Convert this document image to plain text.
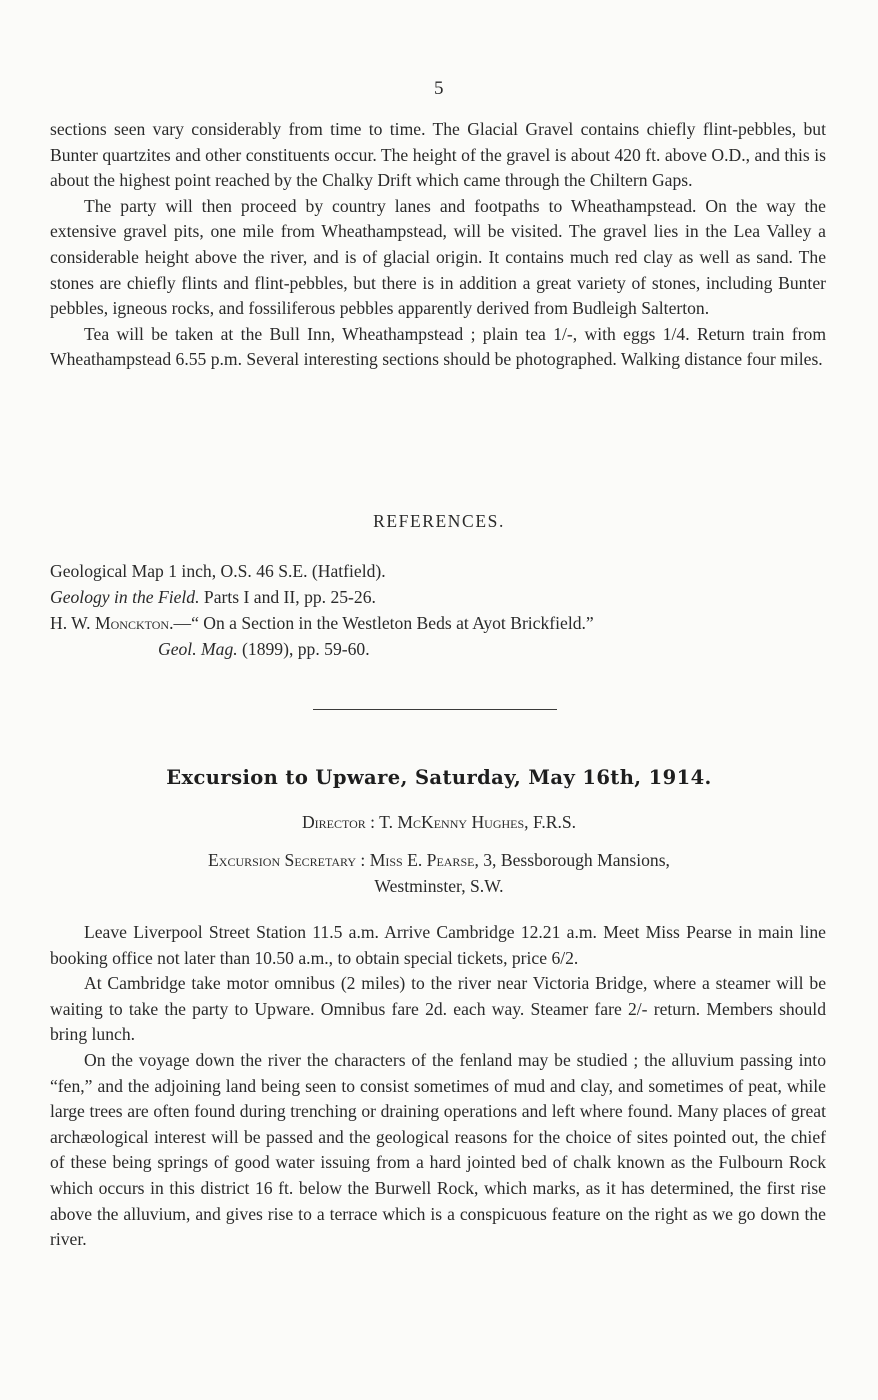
5

sections seen vary considerably from time to time. The Glacial Gravel contains chiefly flint-pebbles, but Bunter quartzites and other constituents occur. The height of the gravel is about 420 ft. above O.D., and this is about the highest point reached by the Chalky Drift which came through the Chiltern Gaps.

The party will then proceed by country lanes and footpaths to Wheathampstead. On the way the extensive gravel pits, one mile from Wheathampstead, will be visited. The gravel lies in the Lea Valley a considerable height above the river, and is of glacial origin. It contains much red clay as well as sand. The stones are chiefly flints and flint-pebbles, but there is in addition a great variety of stones, including Bunter pebbles, igneous rocks, and fossiliferous pebbles apparently derived from Budleigh Salterton.

Tea will be taken at the Bull Inn, Wheathampstead ; plain tea 1/-, with eggs 1/4. Return train from Wheathampstead 6.55 p.m. Several interesting sections should be photographed. Walking distance four miles.

REFERENCES.
Geological Map 1 inch, O.S. 46 S.E. (Hatfield).
Geology in the Field. Parts I and II, pp. 25-26.
H. W. Monckton.—“ On a Section in the Westleton Beds at Ayot Brickfield.”
Geol. Mag. (1899), pp. 59-60.
Excursion to Upware, Saturday, May 16th, 1914.
Director : T. McKenny Hughes, F.R.S.
Excursion Secretary : Miss E. Pearse, 3, Bessborough Mansions,
Westminster, S.W.

Leave Liverpool Street Station 11.5 a.m. Arrive Cambridge 12.21 a.m. Meet Miss Pearse in main line booking office not later than 10.50 a.m., to obtain special tickets, price 6/2.

At Cambridge take motor omnibus (2 miles) to the river near Victoria Bridge, where a steamer will be waiting to take the party to Upware. Omnibus fare 2d. each way. Steamer fare 2/- return. Members should bring lunch.

On the voyage down the river the characters of the fenland may be studied ; the alluvium passing into “fen,” and the adjoining land being seen to consist sometimes of mud and clay, and sometimes of peat, while large trees are often found during trenching or draining operations and left where found. Many places of great archæological interest will be passed and the geological reasons for the choice of sites pointed out, the chief of these being springs of good water issuing from a hard jointed bed of chalk known as the Fulbourn Rock which occurs in this district 16 ft. below the Burwell Rock, which marks, as it has determined, the first rise above the alluvium, and gives rise to a terrace which is a conspicuous feature on the right as we go down the river.
